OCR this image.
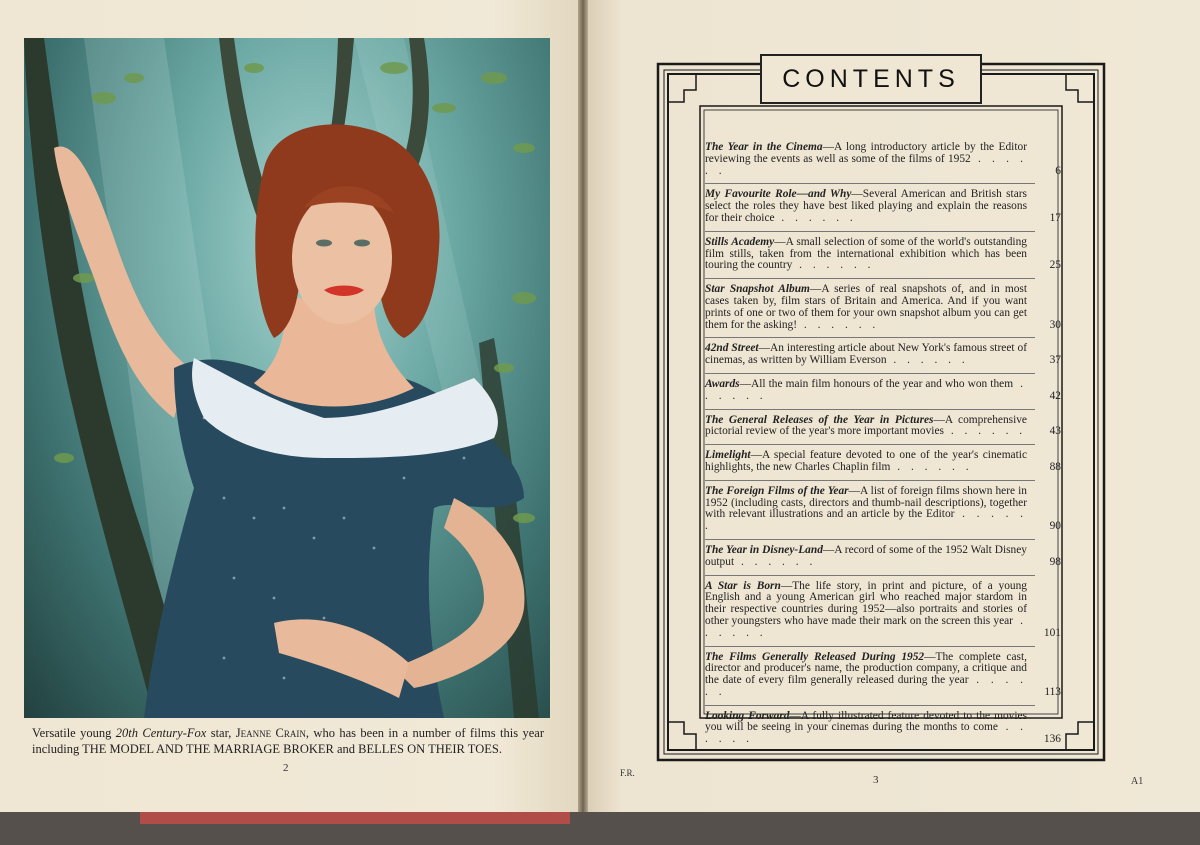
Versatile young 20th Century-Fox star, Jeanne Crain, who has been in a number of films this year including THE MODEL AND THE MARRIAGE BROKER and BELLES ON THEIR TOES.
2
CONTENTS
The Year in the Cinema—A long introductory article by the Editor reviewing the events as well as some of the films of 1952 . . . . . .	6
My Favourite Role—and Why—Several American and British stars select the roles they have best liked playing and explain the reasons for their choice . . . . . .	17
Stills Academy—A small selection of some of the world's outstanding film stills, taken from the international exhibition which has been touring the country . . . . . .	25
Star Snapshot Album—A series of real snapshots of, and in most cases taken by, film stars of Britain and America. And if you want prints of one or two of them for your own snapshot album you can get them for the asking! . . . . . .	30
42nd Street—An interesting article about New York's famous street of cinemas, as written by William Everson . . . . . .	37
Awards—All the main film honours of the year and who won them . . . . . .	42
The General Releases of the Year in Pictures—A comprehensive pictorial review of the year's more important movies . . . . . .	43
Limelight—A special feature devoted to one of the year's cinematic highlights, the new Charles Chaplin film . . . . . .	88
The Foreign Films of the Year—A list of foreign films shown here in 1952 (including casts, directors and thumb-nail descriptions), together with relevant illustrations and an article by the Editor . . . . . .	90
The Year in Disney-Land—A record of some of the 1952 Walt Disney output . . . . . .	98
A Star is Born—The life story, in print and picture, of a young English and a young American girl who reached major stardom in their respective countries during 1952—also portraits and stories of other youngsters who have made their mark on the screen this year . . . . . .	101
The Films Generally Released During 1952—The complete cast, director and producer's name, the production company, a critique and the date of every film generally released during the year . . . . . .	113
Looking Forward—A fully illustrated feature devoted to the movies you will be seeing in your cinemas during the months to come . . . . . .	136
F.R.
3	A1
